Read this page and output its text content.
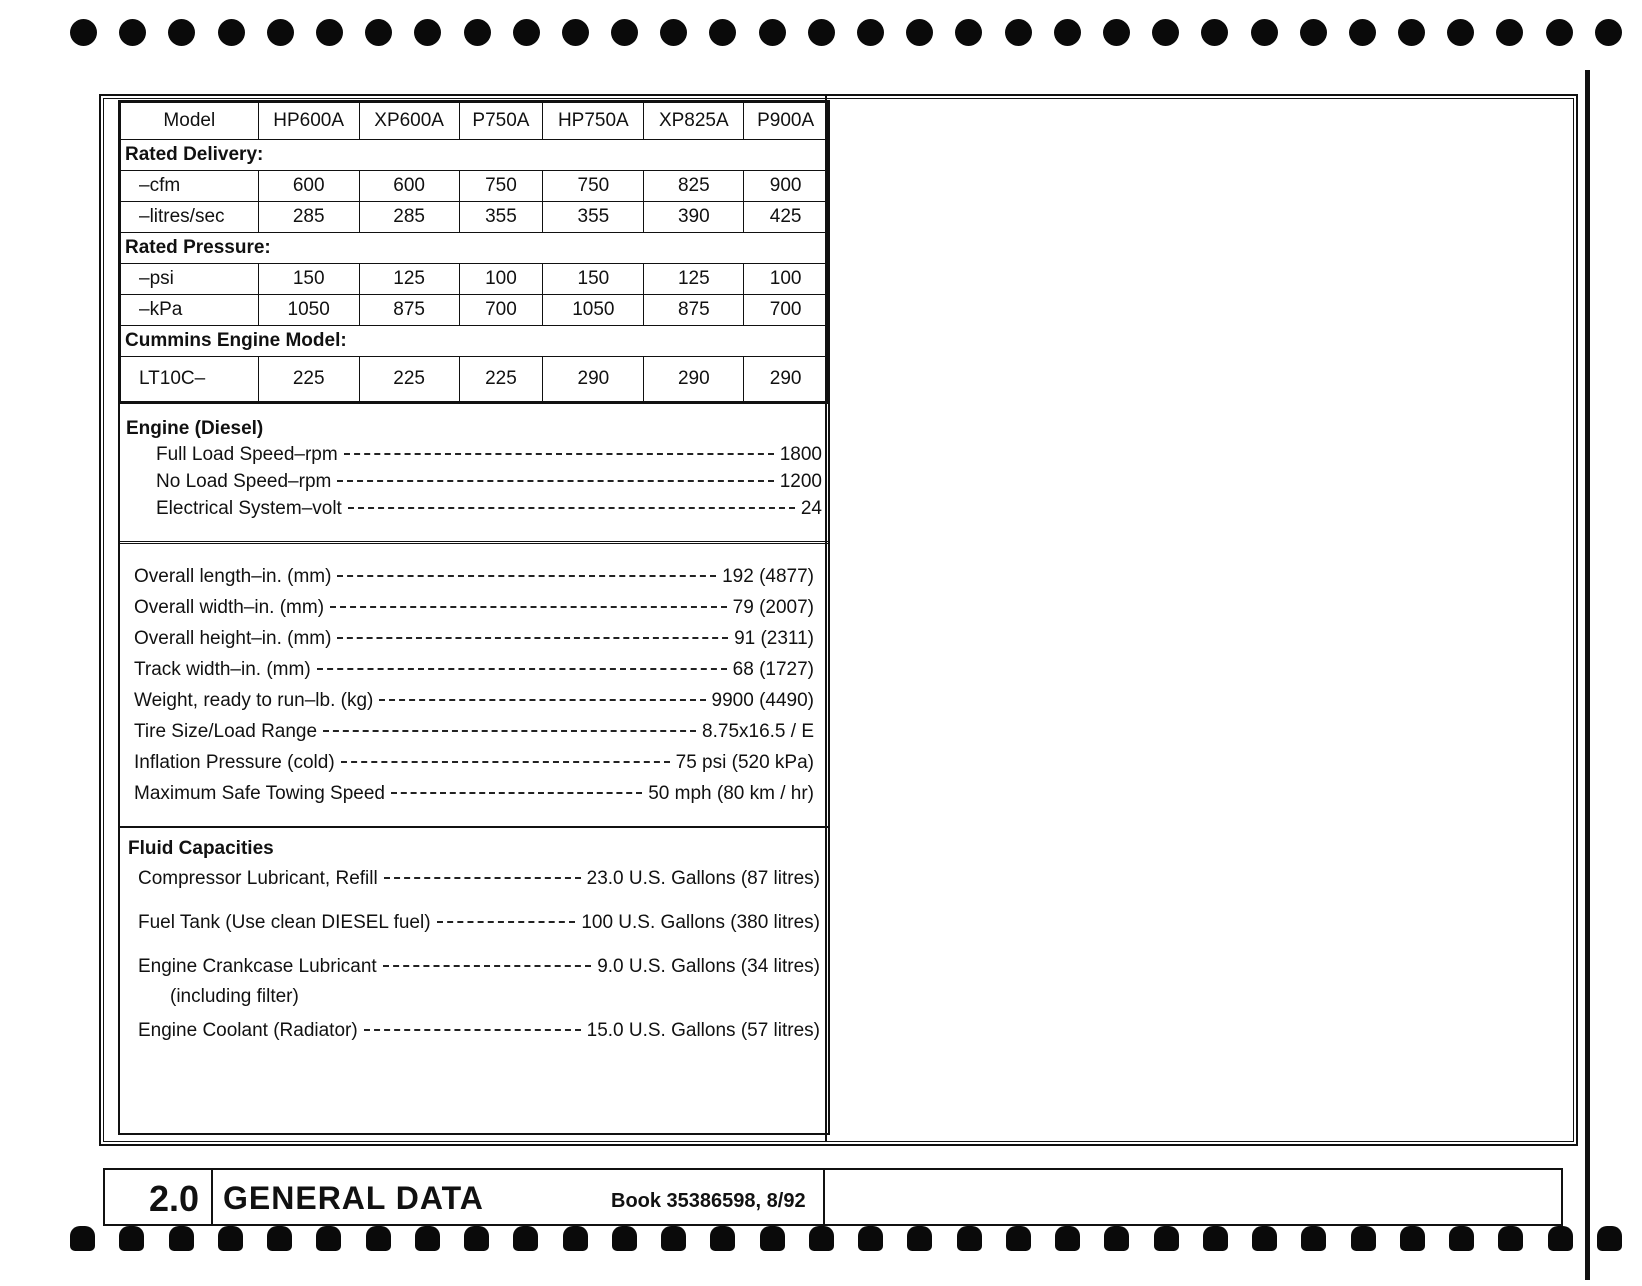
Model	HP600A	XP600A	P750A	HP750A	XP825A	P900A
Rated Delivery:						
–cfm	600	600	750	750	825	900
–litres/sec	285	285	355	355	390	425
Rated Pressure:						
–psi	150	125	100	150	125	100
–kPa	1050	875	700	1050	875	700
Cummins Engine Model:						
LT10C–	225	225	225	290	290	290
Engine (Diesel)
Full Load Speed–rpm	1800
No Load Speed–rpm	1200
Electrical System–volt	24
Overall length–in. (mm)	192 (4877)
Overall width–in. (mm)	79 (2007)
Overall height–in. (mm)	91 (2311)
Track width–in. (mm)	68 (1727)
Weight, ready to run–lb. (kg)	9900 (4490)
Tire Size/Load Range	8.75x16.5 / E
Inflation Pressure (cold)	75 psi (520 kPa)
Maximum Safe Towing Speed	50 mph (80 km / hr)
Fluid Capacities
Compressor Lubricant, Refill	23.0 U.S. Gallons (87 litres)
Fuel Tank (Use clean DIESEL fuel)	100 U.S. Gallons (380 litres)
Engine Crankcase Lubricant	9.0 U.S. Gallons (34 litres)
(including filter)
Engine Coolant (Radiator)	15.0 U.S. Gallons (57 litres)
2.0 GENERAL DATA	Book 35386598, 8/92
